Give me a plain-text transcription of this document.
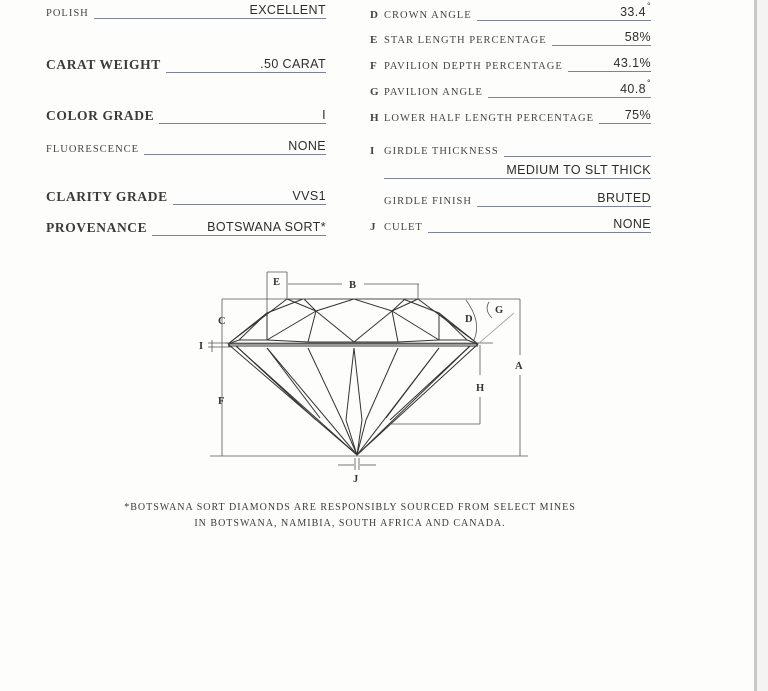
POLISH	EXCELLENT
CARAT WEIGHT	.50 CARAT
COLOR GRADE	I
FLUORESCENCE	NONE
CLARITY GRADE	VVS1
PROVENANCE	BOTSWANA SORT*
D CROWN ANGLE	33.4°
E STAR LENGTH PERCENTAGE	58%
F PAVILION DEPTH PERCENTAGE	43.1%
G PAVILION ANGLE	40.8°
H LOWER HALF LENGTH PERCENTAGE 75%
I GIRDLE THICKNESS
MEDIUM TO SLT THICK
GIRDLE FINISH	BRUTED
J CULET	NONE
A
B
C	D
E
F
G
H
I
J
*BOTSWANA SORT DIAMONDS ARE RESPONSIBLY SOURCED FROM SELECT MINES
IN BOTSWANA, NAMIBIA, SOUTH AFRICA AND CANADA.
